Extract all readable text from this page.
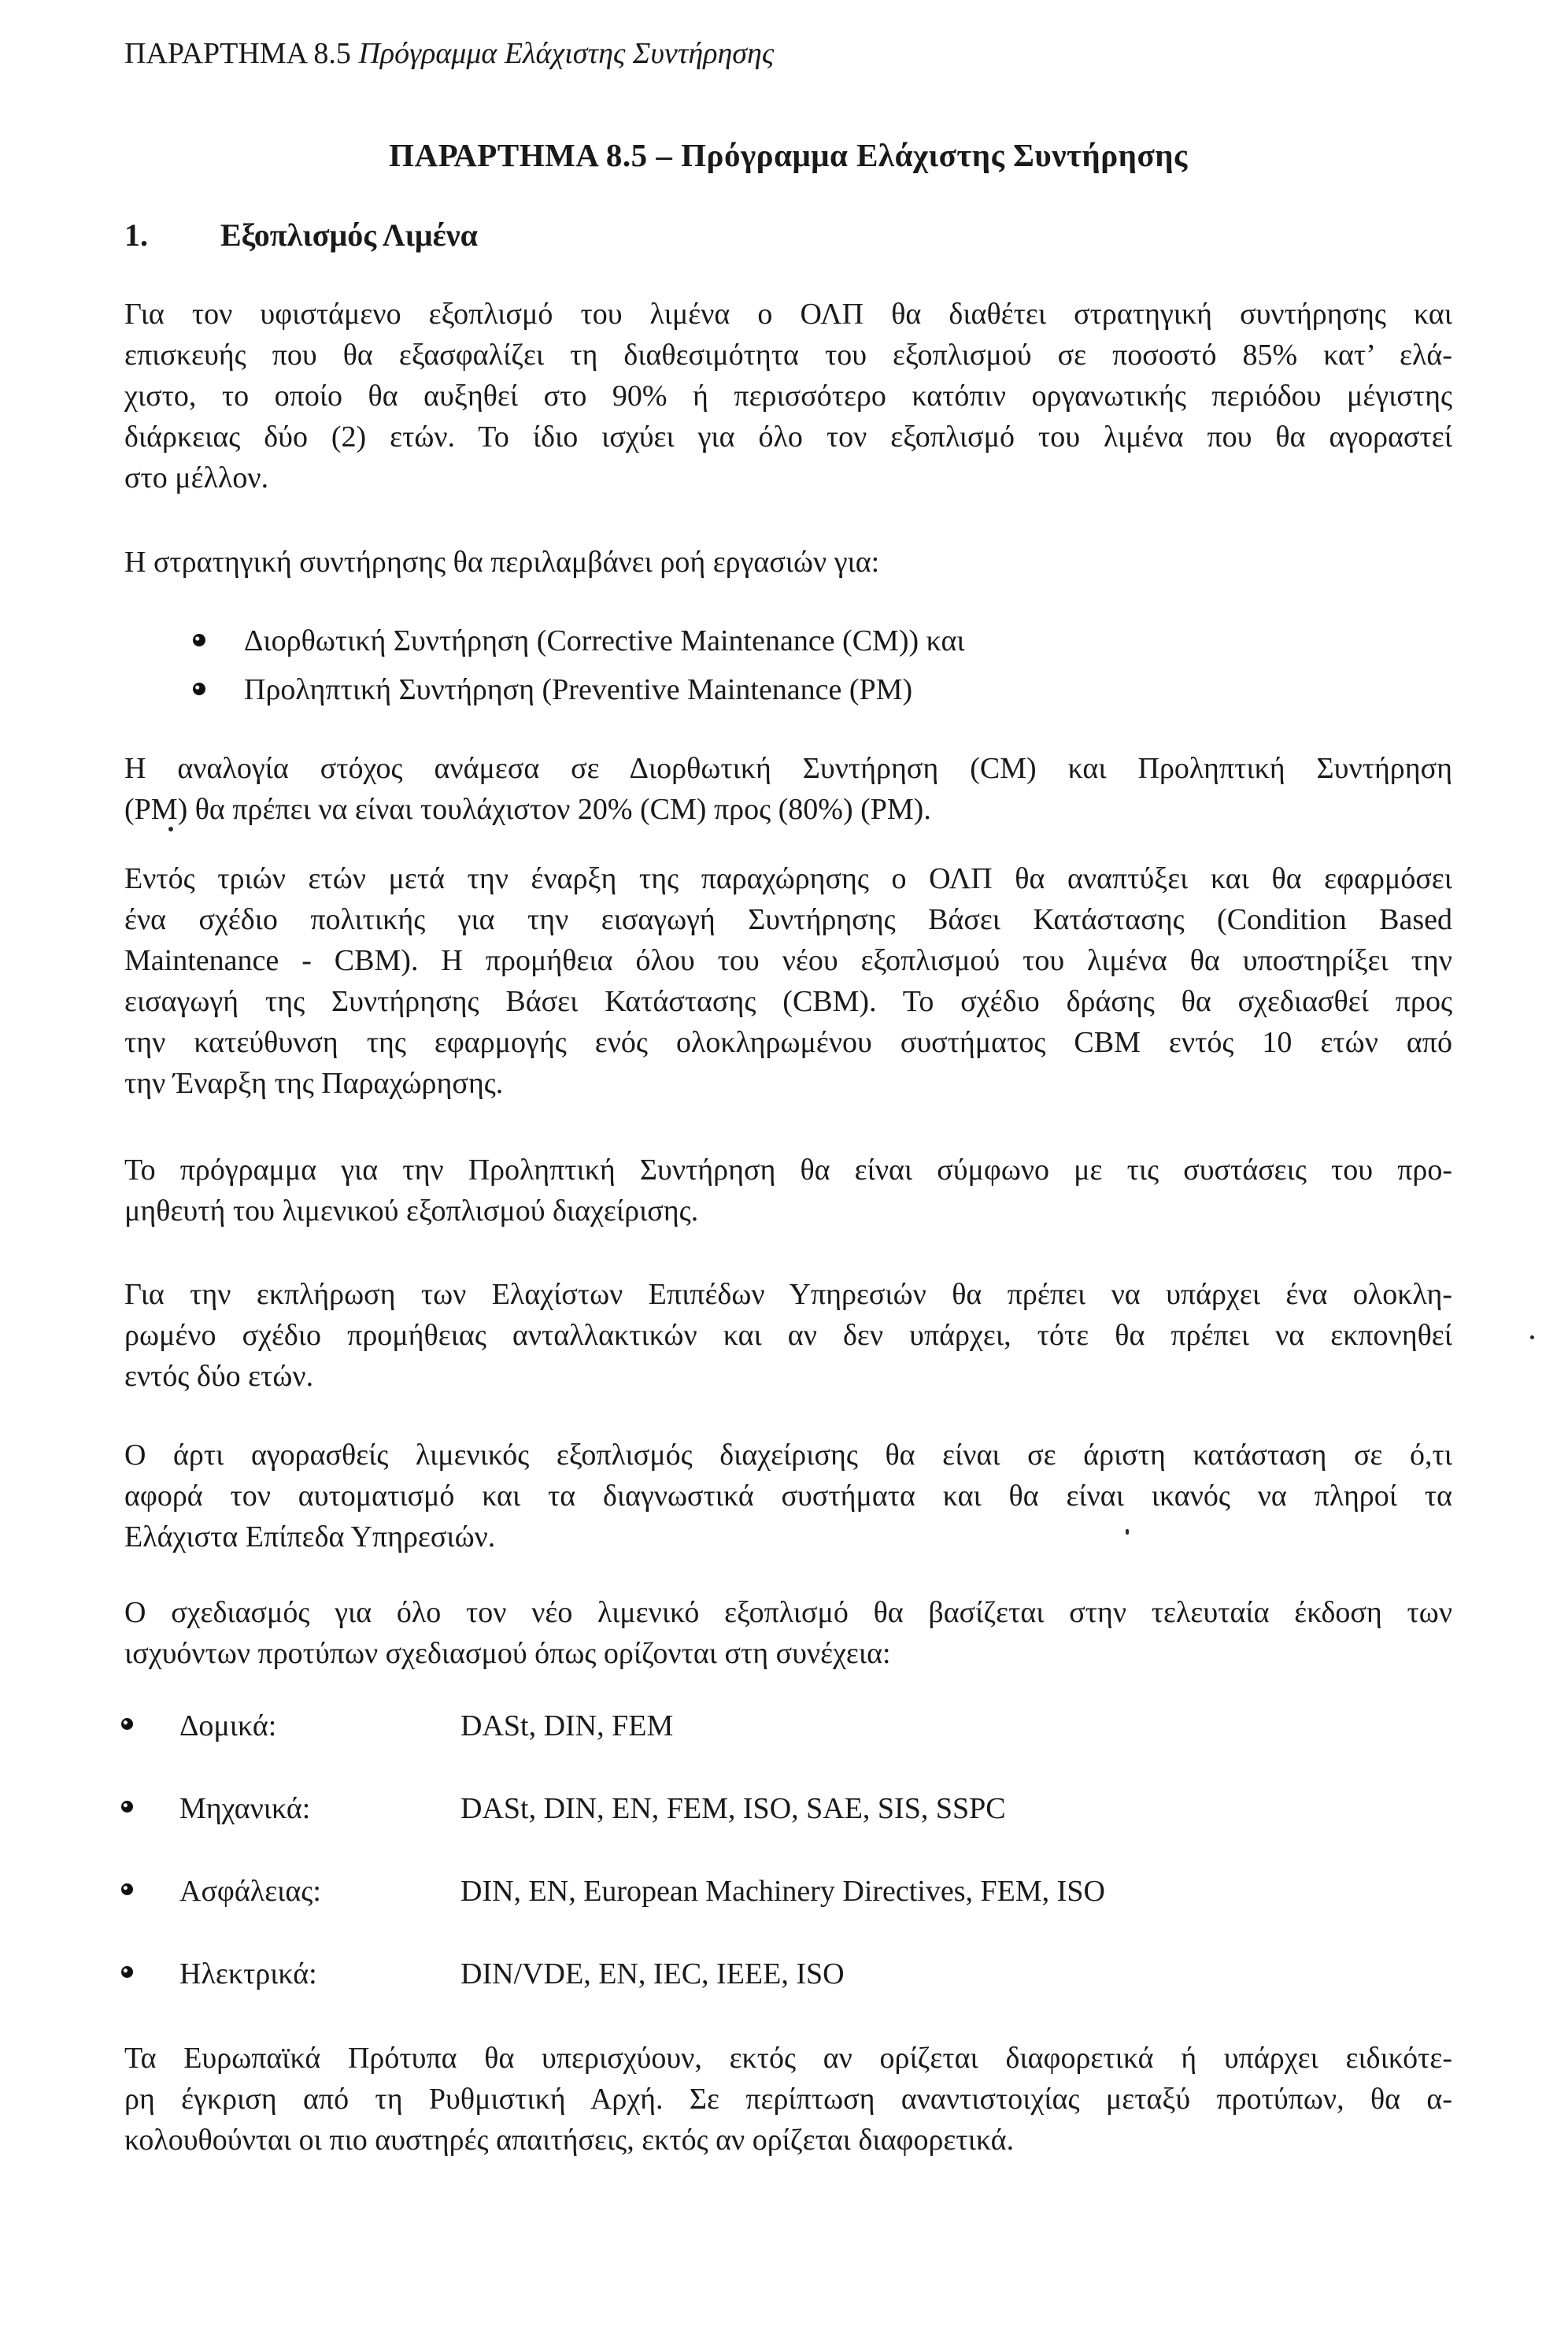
ΠΑΡΑΡΤΗΜΑ 8.5 Πρόγραμμα Ελάχιστης Συντήρησης
ΠΑΡΑΡΤΗΜΑ 8.5 – Πρόγραμμα Ελάχιστης Συντήρησης
1. Εξοπλισμός Λιμένα
Για τον υφιστάμενο εξοπλισμό του λιμένα ο ΟΛΠ θα διαθέτει στρατηγική συντήρησης και
επισκευής που θα εξασφαλίζει τη διαθεσιμότητα του εξοπλισμού σε ποσοστό 85% κατ’ ελά-
χιστο, το οποίο θα αυξηθεί στο 90% ή περισσότερο κατόπιν οργανωτικής περιόδου μέγιστης
διάρκειας δύο (2) ετών. Το ίδιο ισχύει για όλο τον εξοπλισμό του λιμένα που θα αγοραστεί
στο μέλλον.
Η στρατηγική συντήρησης θα περιλαμβάνει ροή εργασιών για:
Διορθωτική Συντήρηση (Corrective Maintenance (CM)) και
Προληπτική Συντήρηση (Preventive Maintenance (PM)
Η αναλογία στόχος ανάμεσα σε Διορθωτική Συντήρηση (CM) και Προληπτική Συντήρηση
(PM) θα πρέπει να είναι τουλάχιστον 20% (CM) προς (80%) (PM).
Εντός τριών ετών μετά την έναρξη της παραχώρησης ο ΟΛΠ θα αναπτύξει και θα εφαρμόσει
ένα σχέδιο πολιτικής για την εισαγωγή Συντήρησης Βάσει Κατάστασης (Condition Based
Maintenance - CBM). Η προμήθεια όλου του νέου εξοπλισμού του λιμένα θα υποστηρίξει την
εισαγωγή της Συντήρησης Βάσει Κατάστασης (CBM). Το σχέδιο δράσης θα σχεδιασθεί προς
την κατεύθυνση της εφαρμογής ενός ολοκληρωμένου συστήματος CBM εντός 10 ετών από
την Έναρξη της Παραχώρησης.
Το πρόγραμμα για την Προληπτική Συντήρηση θα είναι σύμφωνο με τις συστάσεις του προ-
μηθευτή του λιμενικού εξοπλισμού διαχείρισης.
Για την εκπλήρωση των Ελαχίστων Επιπέδων Υπηρεσιών θα πρέπει να υπάρχει ένα ολοκλη-
ρωμένο σχέδιο προμήθειας ανταλλακτικών και αν δεν υπάρχει, τότε θα πρέπει να εκπονηθεί
εντός δύο ετών.
Ο άρτι αγορασθείς λιμενικός εξοπλισμός διαχείρισης θα είναι σε άριστη κατάσταση σε ό,τι
αφορά τον αυτοματισμό και τα διαγνωστικά συστήματα και θα είναι ικανός να πληροί τα
Ελάχιστα Επίπεδα Υπηρεσιών.
Ο σχεδιασμός για όλο τον νέο λιμενικό εξοπλισμό θα βασίζεται στην τελευταία έκδοση των
ισχυόντων προτύπων σχεδιασμού όπως ορίζονται στη συνέχεια:
Δομικά:	DASt, DIN, FEM
Μηχανικά:	DASt, DIN, EN, FEM, ISO, SAE, SIS, SSPC
Ασφάλειας:	DIN, EN, European Machinery Directives, FEM, ISO
Ηλεκτρικά:	DIN/VDE, EN, IEC, IEEE, ISO
Τα Ευρωπαϊκά Πρότυπα θα υπερισχύουν, εκτός αν ορίζεται διαφορετικά ή υπάρχει ειδικότε-
ρη έγκριση από τη Ρυθμιστική Αρχή. Σε περίπτωση αναντιστοιχίας μεταξύ προτύπων, θα α-
κολουθούνται οι πιο αυστηρές απαιτήσεις, εκτός αν ορίζεται διαφορετικά.
